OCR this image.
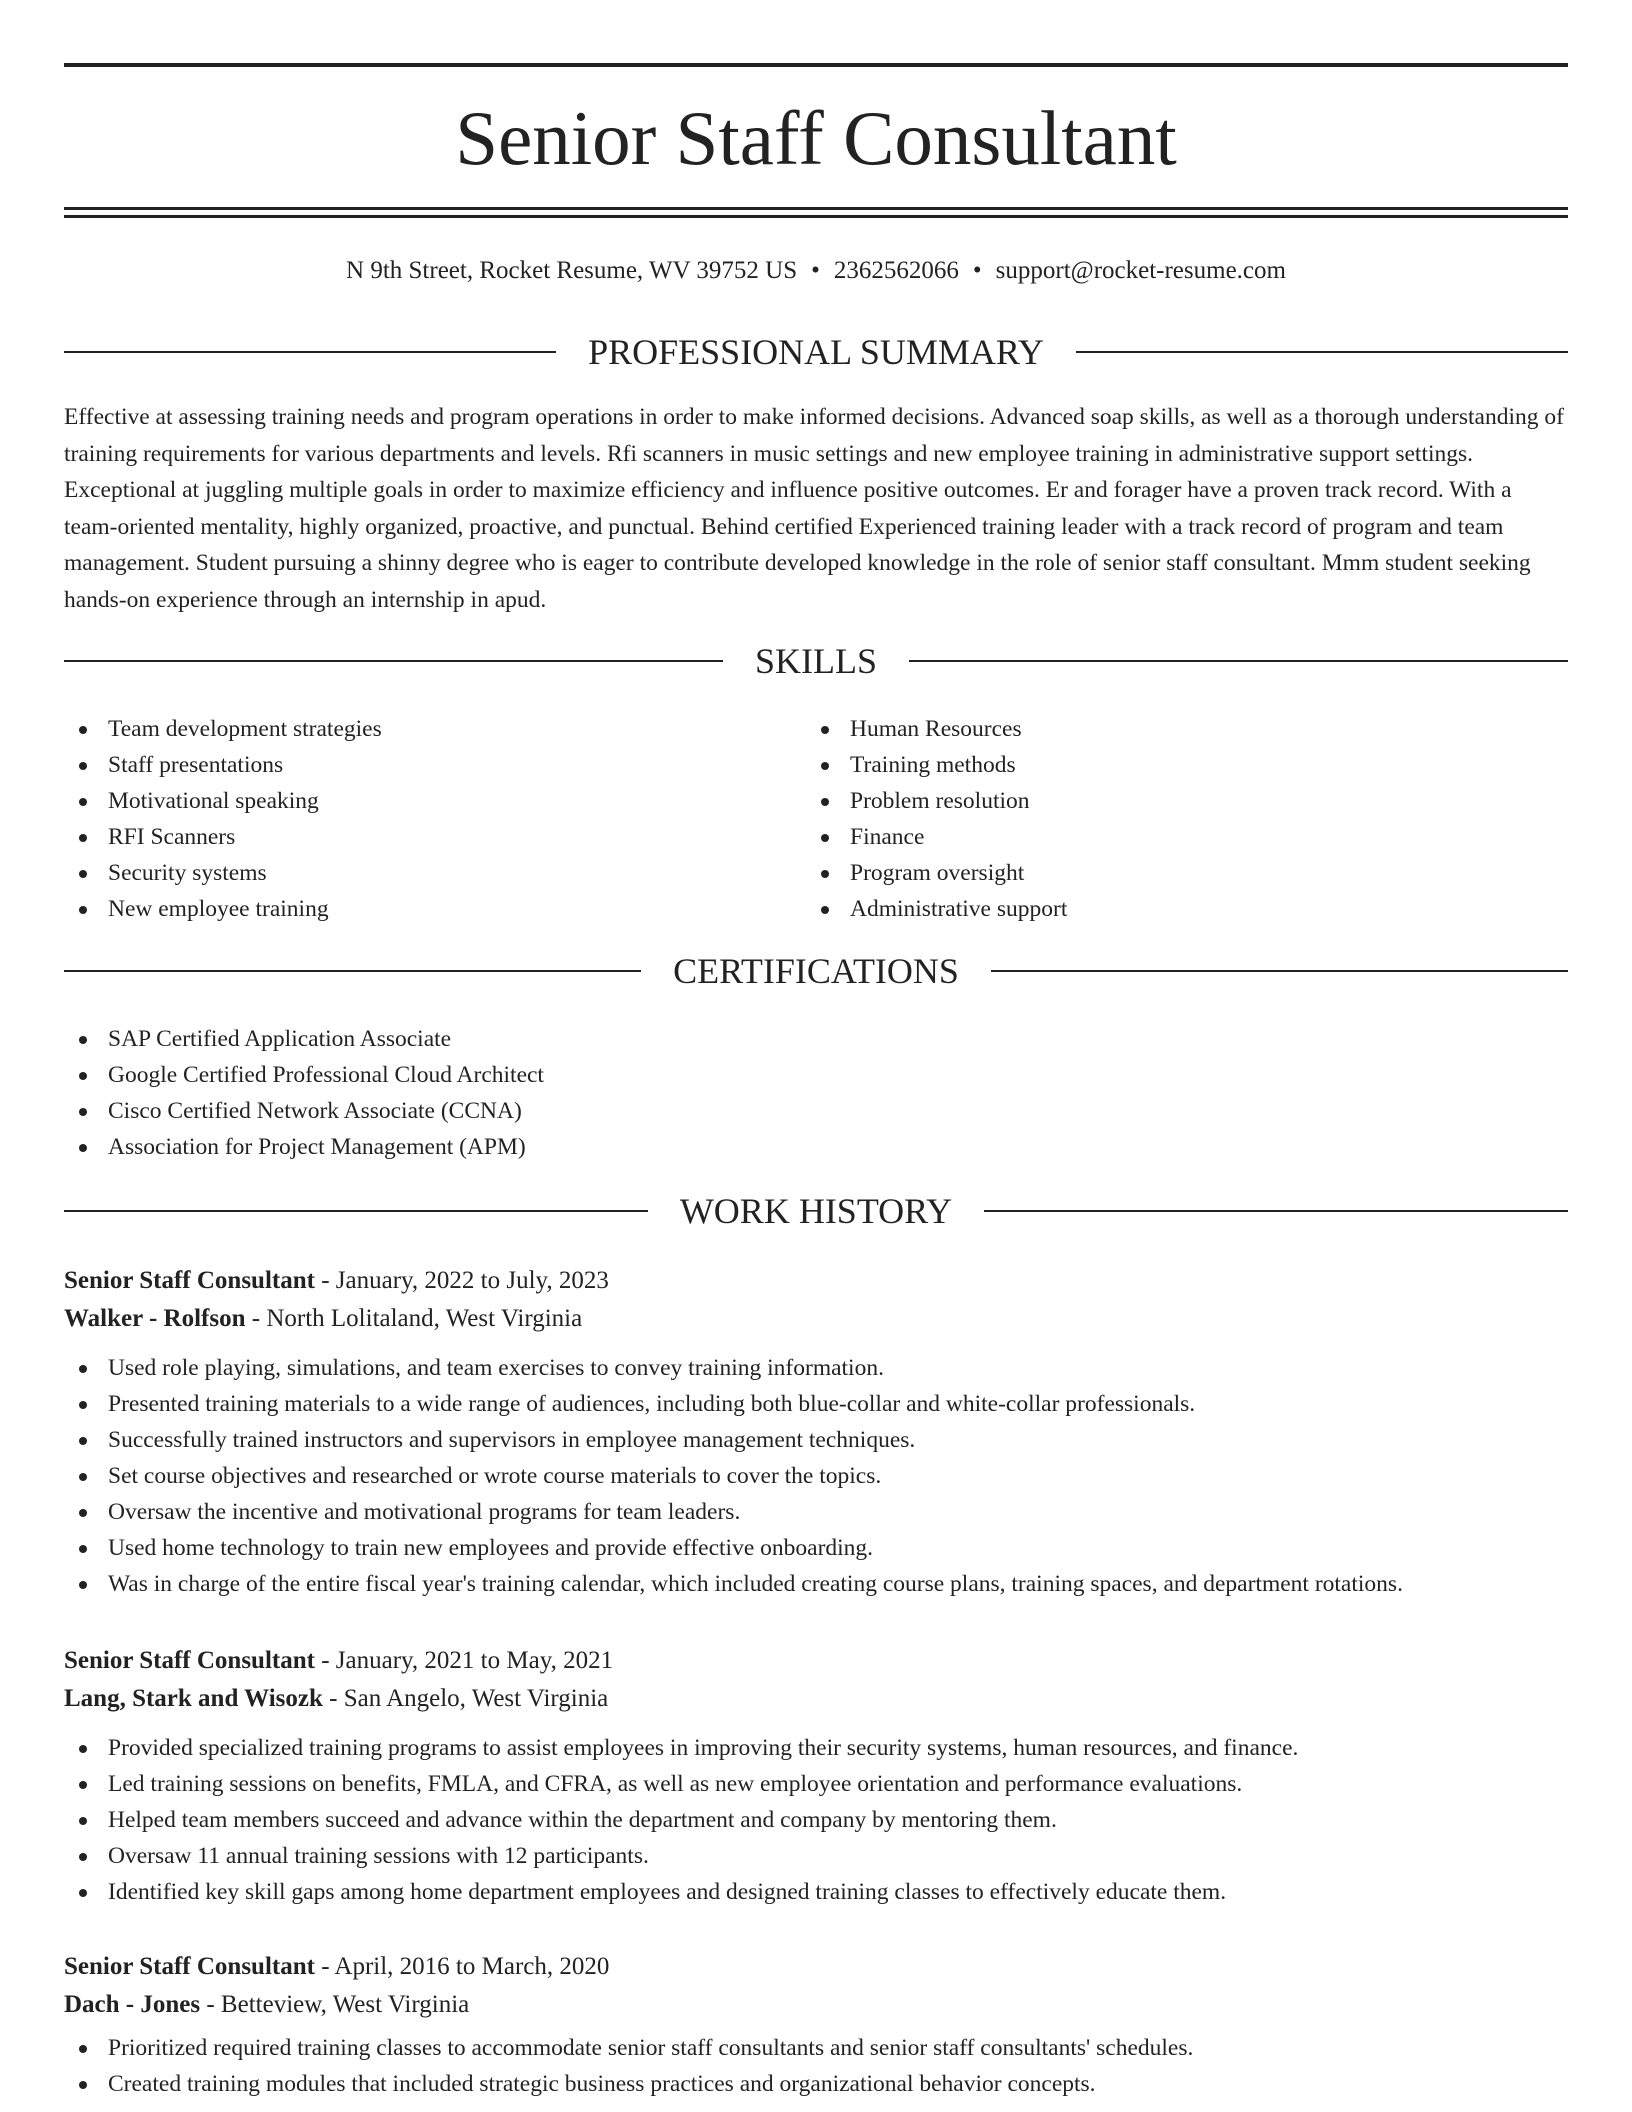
Senior Staff Consultant
N 9th Street, Rocket Resume, WV 39752 US • 2362562066 • support@rocket-resume.com
PROFESSIONAL SUMMARY

Effective at assessing training needs and program operations in order to make informed decisions. Advanced soap skills, as well as a thorough understanding of training requirements for various departments and levels. Rfi scanners in music settings and new employee training in administrative support settings. Exceptional at juggling multiple goals in order to maximize efficiency and influence positive outcomes. Er and forager have a proven track record. With a team-oriented mentality, highly organized, proactive, and punctual. Behind certified Experienced training leader with a track record of program and team management. Student pursuing a shinny degree who is eager to contribute developed knowledge in the role of senior staff consultant. Mmm student seeking hands-on experience through an internship in apud.

SKILLS
Team development strategies
Staff presentations
Motivational speaking
RFI Scanners
Security systems
New employee training
Human Resources
Training methods
Problem resolution
Finance
Program oversight
Administrative support
CERTIFICATIONS
SAP Certified Application Associate
Google Certified Professional Cloud Architect
Cisco Certified Network Associate (CCNA)
Association for Project Management (APM)
WORK HISTORY
Senior Staff Consultant - January, 2022 to July, 2023
Walker - Rolfson - North Lolitaland, West Virginia
Used role playing, simulations, and team exercises to convey training information.
Presented training materials to a wide range of audiences, including both blue-collar and white-collar professionals.
Successfully trained instructors and supervisors in employee management techniques.
Set course objectives and researched or wrote course materials to cover the topics.
Oversaw the incentive and motivational programs for team leaders.
Used home technology to train new employees and provide effective onboarding.
Was in charge of the entire fiscal year's training calendar, which included creating course plans, training spaces, and department rotations.
Senior Staff Consultant - January, 2021 to May, 2021
Lang, Stark and Wisozk - San Angelo, West Virginia
Provided specialized training programs to assist employees in improving their security systems, human resources, and finance.
Led training sessions on benefits, FMLA, and CFRA, as well as new employee orientation and performance evaluations.
Helped team members succeed and advance within the department and company by mentoring them.
Oversaw 11 annual training sessions with 12 participants.
Identified key skill gaps among home department employees and designed training classes to effectively educate them.
Senior Staff Consultant - April, 2016 to March, 2020
Dach - Jones - Betteview, West Virginia
Prioritized required training classes to accommodate senior staff consultants and senior staff consultants' schedules.
Created training modules that included strategic business practices and organizational behavior concepts.
